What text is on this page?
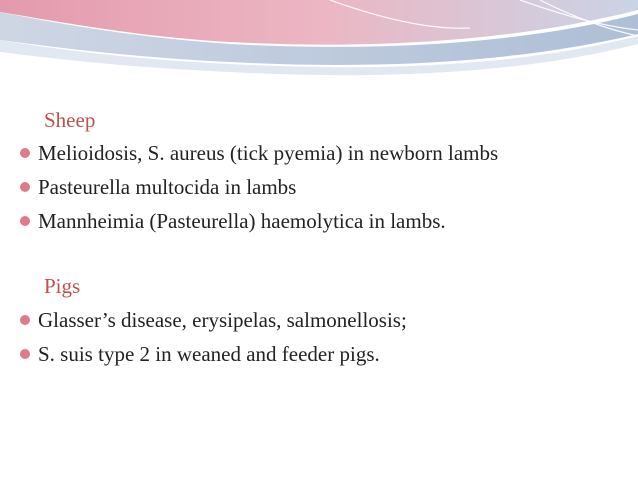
Sheep
Melioidosis, S. aureus (tick pyemia) in newborn lambs
Pasteurella multocida in lambs
Mannheimia (Pasteurella) haemolytica in lambs.
Pigs
Glasser’s disease, erysipelas, salmonellosis;
S. suis type 2 in weaned and feeder pigs.
